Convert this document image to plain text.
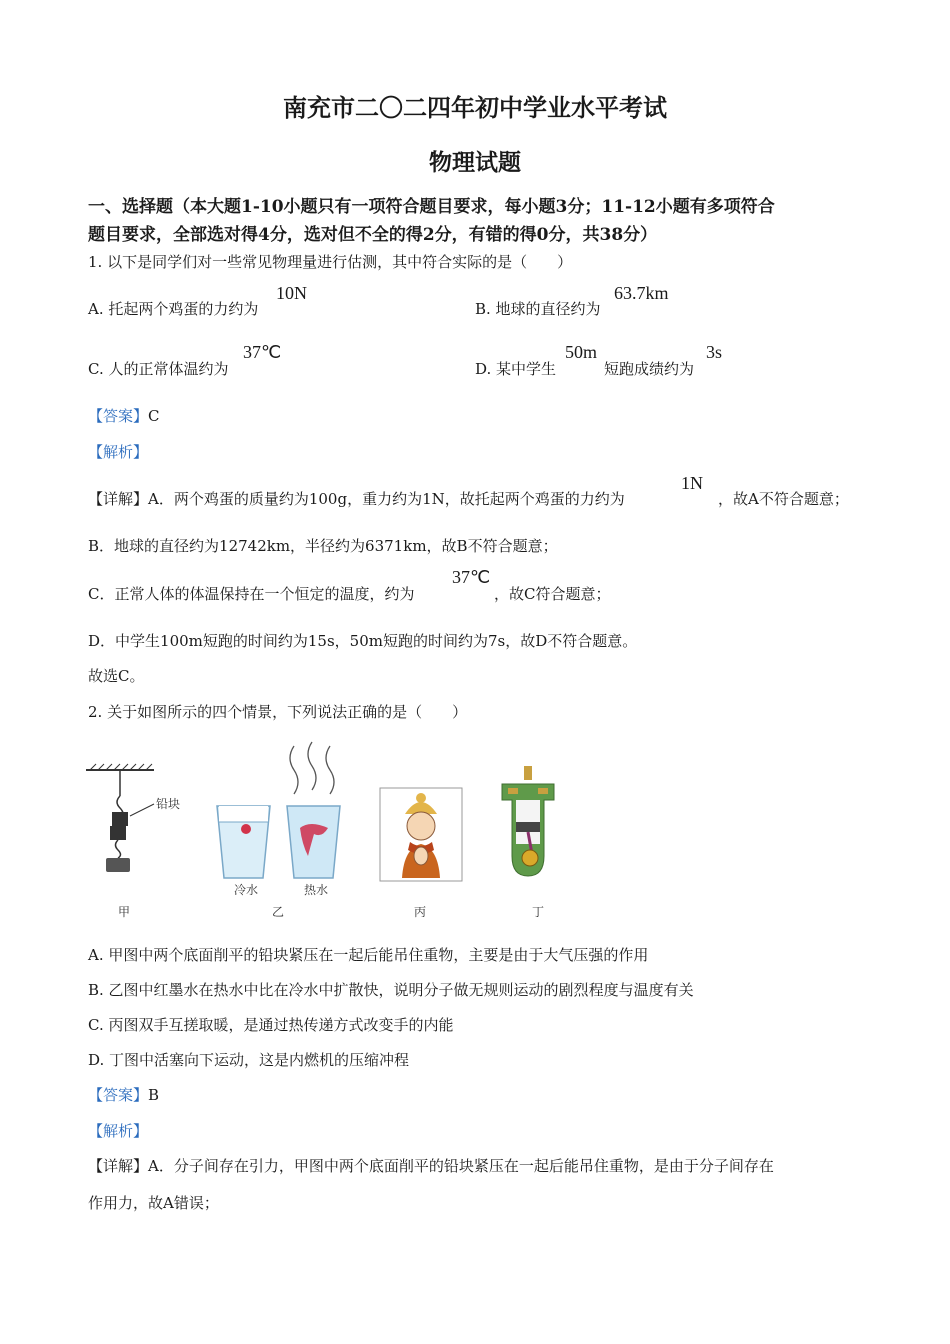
南充市二〇二四年初中学业水平考试
物理试题
一、选择题（本大题1-10小题只有一项符合题目要求，每小题3分；11-12小题有多项符合
题目要求，全部选对得4分，选对但不全的得2分，有错的得0分，共38分）
1. 以下是同学们对一些常见物理量进行估测，其中符合实际的是（　　）
A. 托起两个鸡蛋的力约为
10N
B. 地球的直径约为
63.7km
C. 人的正常体温约为
37℃
D. 某中学生
50m
短跑成绩约为
3s
【答案】C
【解析】
【详解】A．两个鸡蛋的质量约为100g，重力约为1N，故托起两个鸡蛋的力约为
1N
，故A不符合题意；
B．地球的直径约为12742km，半径约为6371km，故B不符合题意；
C．正常人体的体温保持在一个恒定的温度，约为
37℃
，故C符合题意；
D．中学生100m短跑的时间约为15s，50m短跑的时间约为7s，故D不符合题意。
故选C。
2. 关于如图所示的四个情景，下列说法正确的是（　　）
铅块
甲
冷水	热水
乙	丙	丁
A. 甲图中两个底面削平的铅块紧压在一起后能吊住重物，主要是由于大气压强的作用
B. 乙图中红墨水在热水中比在冷水中扩散快，说明分子做无规则运动的剧烈程度与温度有关
C. 丙图双手互搓取暖，是通过热传递方式改变手的内能
D. 丁图中活塞向下运动，这是内燃机的压缩冲程
【答案】B
【解析】
【详解】A．分子间存在引力，甲图中两个底面削平的铅块紧压在一起后能吊住重物，是由于分子间存在
作用力，故A错误；
